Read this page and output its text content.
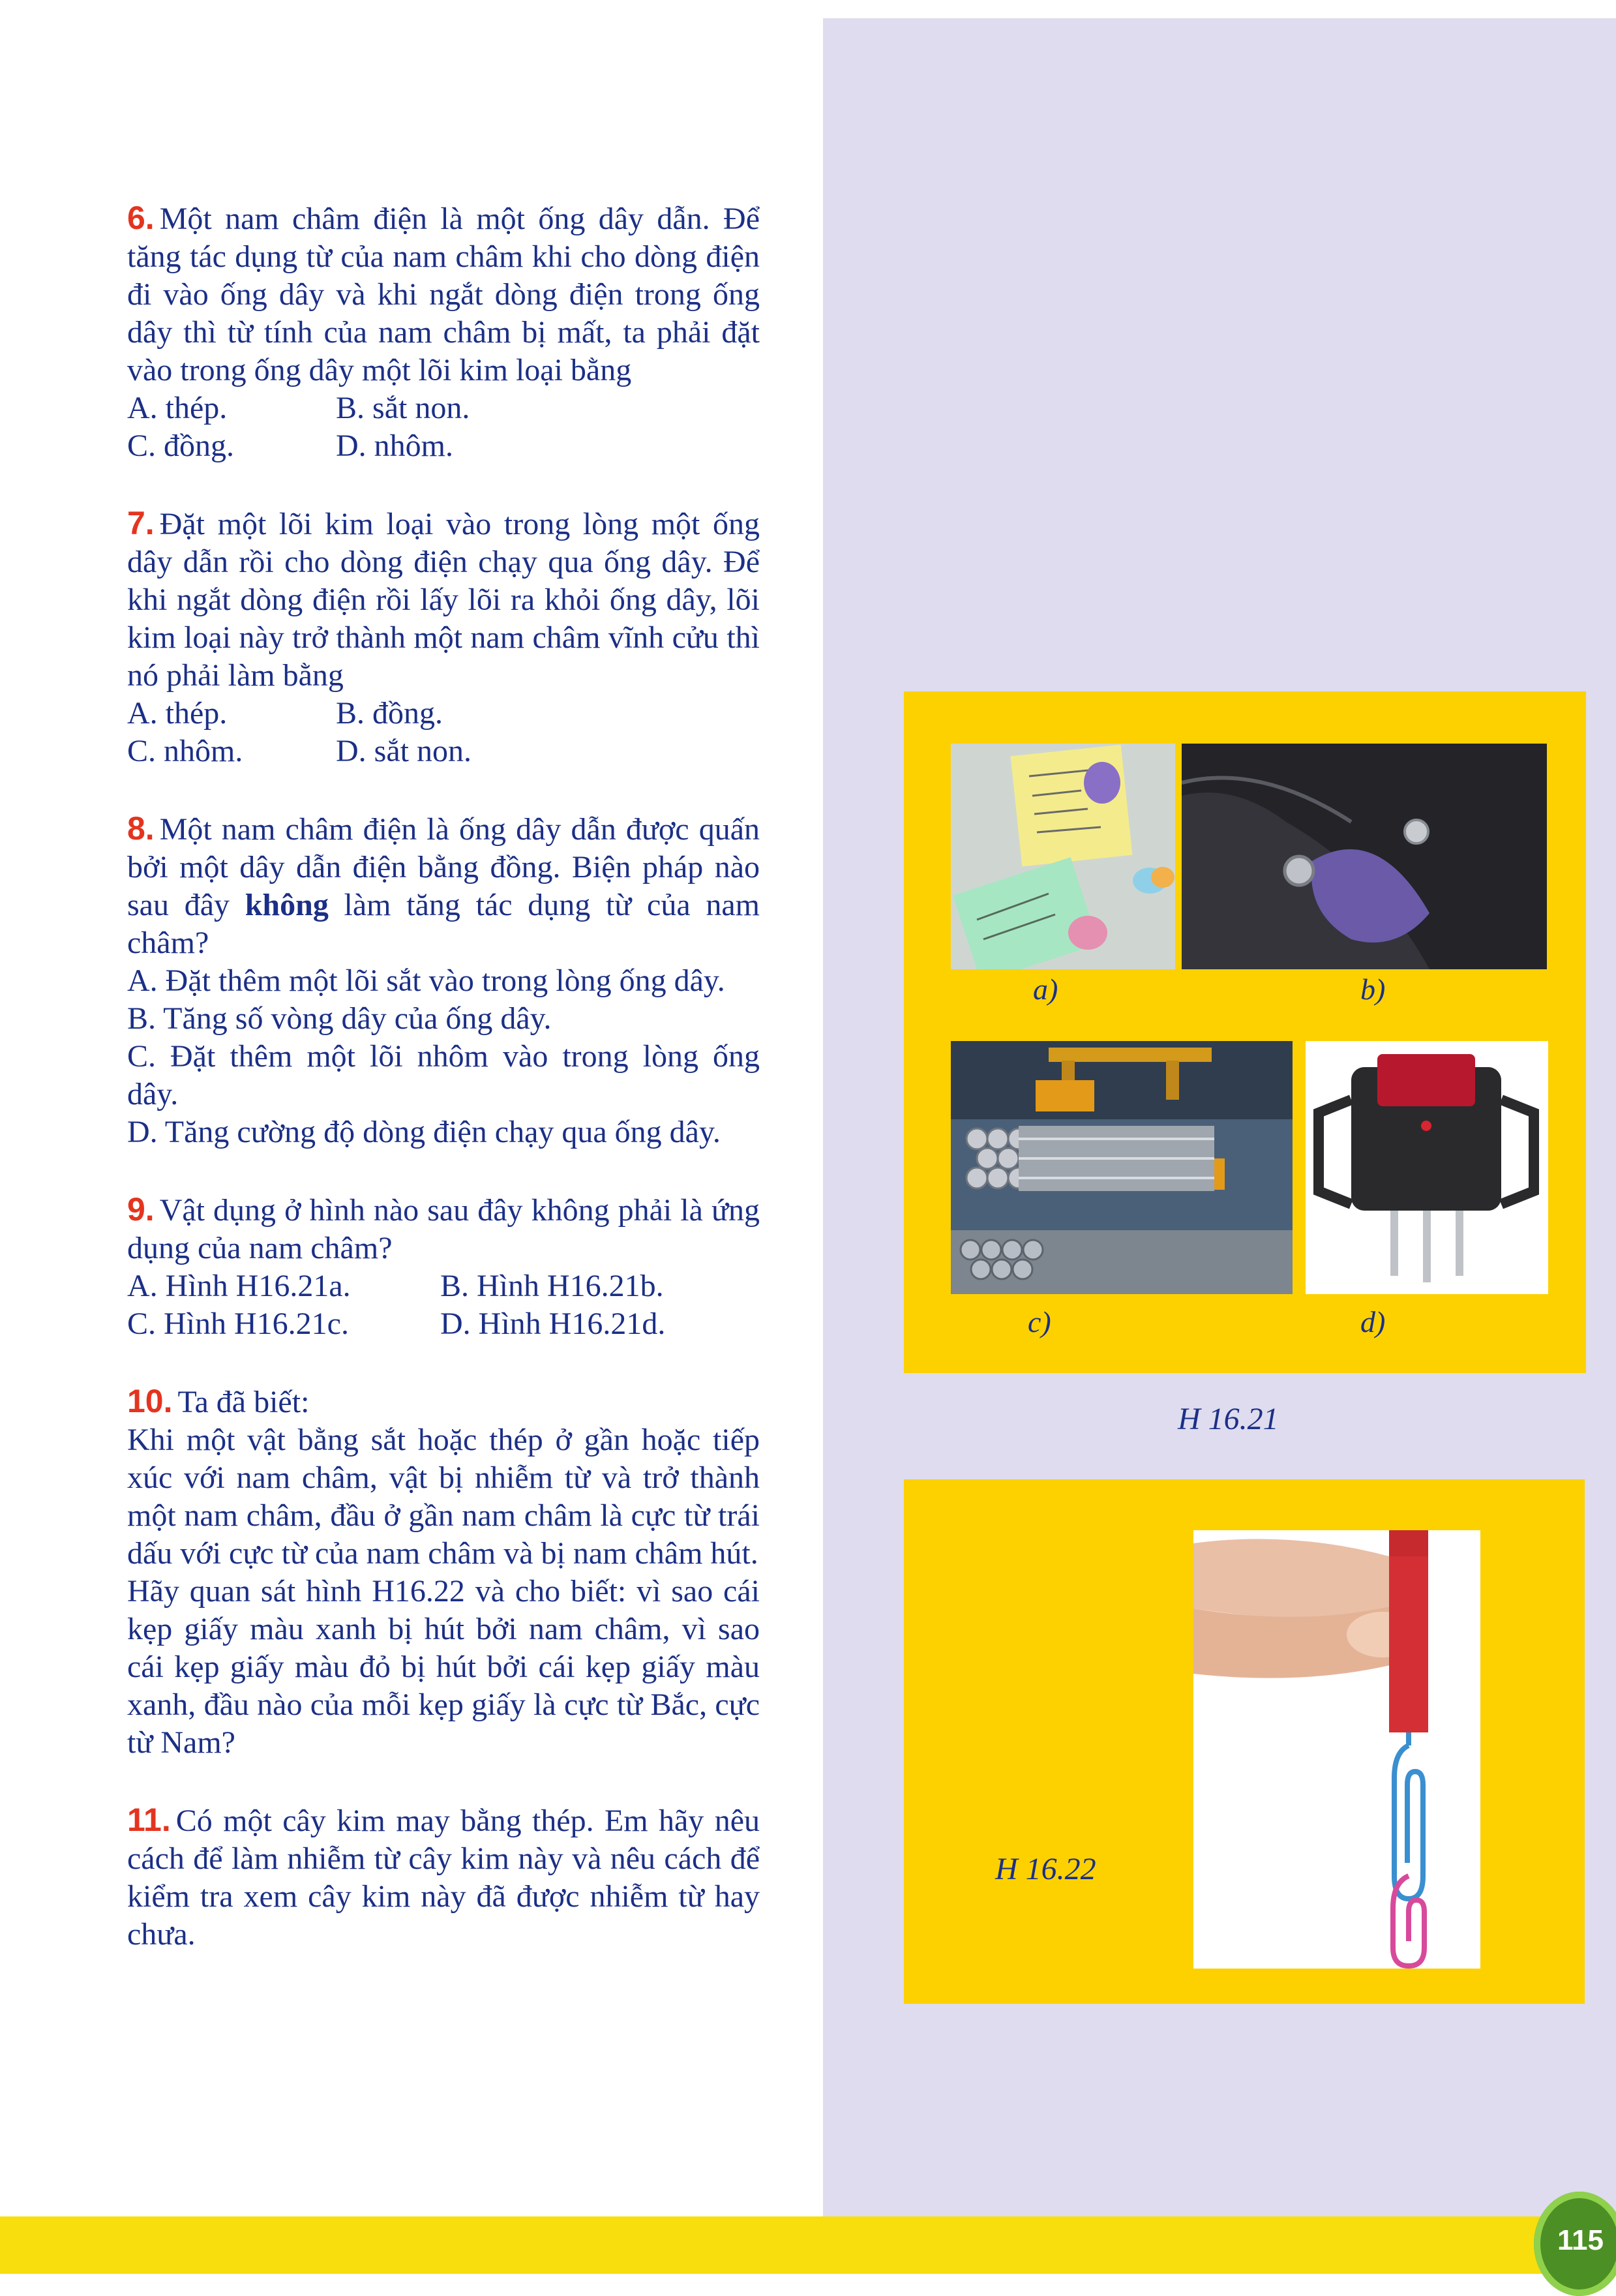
6. Một nam châm điện là một ống dây dẫn. Để tăng tác dụng từ của nam châm khi cho dòng điện đi vào ống dây và khi ngắt dòng điện trong ống dây thì từ tính của nam châm bị mất, ta phải đặt vào trong ống dây một lõi kim loại bằng

A. thép.	B. sắt non.
C. đồng.	D. nhôm.

7. Đặt một lõi kim loại vào trong lòng một ống dây dẫn rồi cho dòng điện chạy qua ống dây. Để khi ngắt dòng điện rồi lấy lõi ra khỏi ống dây, lõi kim loại này trở thành một nam châm vĩnh cửu thì nó phải làm bằng

A. thép.	B. đồng.
C. nhôm.	D. sắt non.

8. Một nam châm điện là ống dây dẫn được quấn bởi một dây dẫn điện bằng đồng. Biện pháp nào sau đây không làm tăng tác dụng từ của nam châm?

A. Đặt thêm một lõi sắt vào trong lòng ống dây.

B. Tăng số vòng dây của ống dây.

C. Đặt thêm một lõi nhôm vào trong lòng ống dây.

D. Tăng cường độ dòng điện chạy qua ống dây.

9. Vật dụng ở hình nào sau đây không phải là ứng dụng của nam châm?

A. Hình H16.21a.	B. Hình H16.21b.
C. Hình H16.21c.	D. Hình H16.21d.

10. Ta đã biết:

Khi một vật bằng sắt hoặc thép ở gần hoặc tiếp xúc với nam châm, vật bị nhiễm từ và trở thành một nam châm, đầu ở gần nam châm là cực từ trái dấu với cực từ của nam châm và bị nam châm hút.

Hãy quan sát hình H16.22 và cho biết: vì sao cái kẹp giấy màu xanh bị hút bởi nam châm, vì sao cái kẹp giấy màu đỏ bị hút bởi cái kẹp giấy màu xanh, đầu nào của mỗi kẹp giấy là cực từ Bắc, cực từ Nam?

11. Có một cây kim may bằng thép. Em hãy nêu cách để làm nhiễm từ cây kim này và nêu cách để kiểm tra xem cây kim này đã được nhiễm từ hay chưa.

a)	b)
c)	d)
H 16.21
H 16.22
115
